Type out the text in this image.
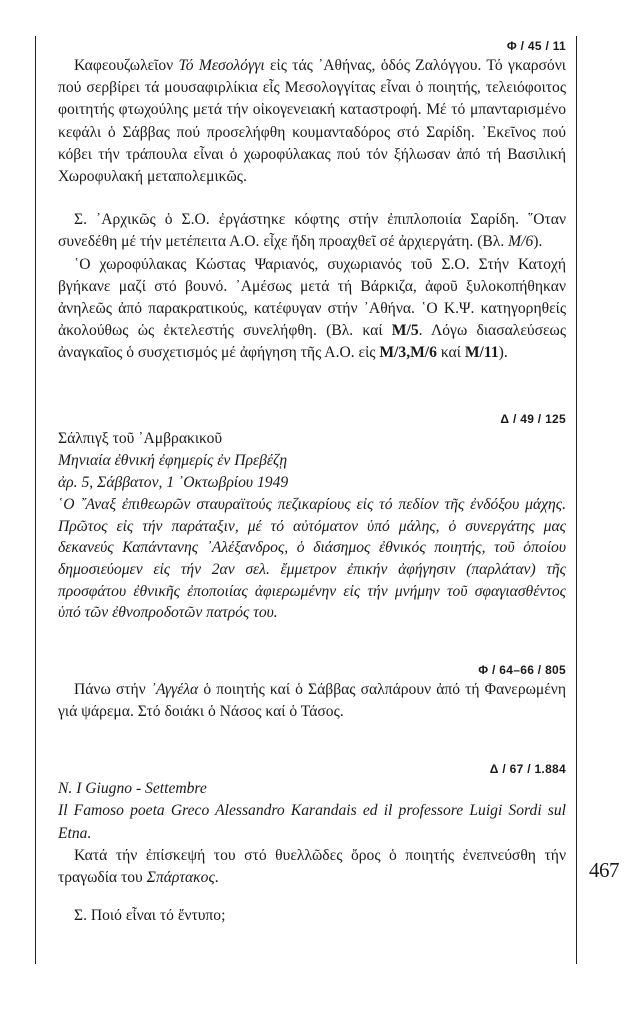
467
Φ / 45 / 11

Καφεουζωλεῖον Τό Μεσολόγγι εἰς τάς ᾿Αθήνας, ὁδός Ζαλόγγου. Τό γκαρσόνι πού σερβίρει τά μουσαφιρλίκια εἶς Μεσολογγίτας εἶναι ὁ ποιητής, τελειόφοιτος φοιτητής φτωχούλης μετά τήν οἰκογενειακή καταστροφή. Μέ τό μπανταρισμένο κεφάλι ὁ Σάββας πού προσελήφθη κουμανταδόρος στό Σαρίδη. ᾿Εκεῖνος πού κόβει τήν τράπουλα εἶναι ὁ χωροφύλακας πού τόν ξήλωσαν ἀπό τή Βασιλική Χωροφυλακή μεταπολεμικῶς.

Σ. ᾿Αρχικῶς ὁ Σ.Ο. ἐργάστηκε κόφτης στήν ἐπιπλοποιία Σαρίδη. ῞Οταν συνεδέθη μέ τήν μετέπειτα Α.Ο. εἶχε ἤδη προαχθεῖ σέ ἀρχιεργάτη. (Βλ. Μ/6).

῾Ο χωροφύλακας Κώστας Ψαριανός, συχωριανός τοῦ Σ.Ο. Στήν Κατοχή βγήκανε μαζί στό βουνό. ᾿Αμέσως μετά τή Βάρκιζα, ἀφοῦ ξυλοκοπήθηκαν ἀνηλεῶς ἀπό παρακρατικούς, κατέφυγαν στήν ᾿Αθήνα. ῾Ο Κ.Ψ. κατηγορηθείς ἀκολούθως ὡς ἐκτελεστής συνελήφθη. (Βλ. καί Μ/5. Λόγω διασαλεύσεως ἀναγκαῖος ὁ συσχετισμός μέ ἀφήγηση τῆς Α.Ο. εἰς Μ/3,Μ/6 καί Μ/11).

Δ / 49 / 125

Σάλπιγξ τοῦ ᾿Αμβρακικοῦ

Μηνιαία ἐθνική ἐφημερίς ἐν Πρεβέζῃ

ἀρ. 5, Σάββατον, 1 ᾿Οκτωβρίου 1949

῾Ο ῎Αναξ ἐπιθεωρῶν σταυραϊτούς πεζικαρίους εἰς τό πεδίον τῆς ἐνδόξου μάχης. Πρῶτος εἰς τήν παράταξιν, μέ τό αὐτόματον ὑπό μάλης, ὁ συνεργάτης μας δεκανεύς Καπάντανης ᾿Αλέξανδρος, ὁ διάσημος ἐθνικός ποιητής, τοῦ ὁποίου δημοσιεύομεν εἰς τήν 2αν σελ. ἔμμετρον ἐπικήν ἀφήγησιν (παρλάταν) τῆς προσφάτου ἐθνικῆς ἐποποιίας ἀφιερωμένην εἰς τήν μνήμην τοῦ σφαγιασθέντος ὑπό τῶν ἐθνοπροδοτῶν πατρός του.

Φ / 64–66 / 805

Πάνω στήν ᾿Αγγέλα ὁ ποιητής καί ὁ Σάββας σαλπάρουν ἀπό τή Φανερωμένη γιά ψάρεμα. Στό δοιάκι ὁ Νάσος καί ὁ Τάσος.

Δ / 67 / 1.884

N. I Giugno - Settembre

Il Famoso poeta Greco Alessandro Karandais ed il professore Luigi Sordi sul Etna.

Κατά τήν ἐπίσκεψή του στό θυελλῶδες ὄρος ὁ ποιητής ἐνεπνεύσθη τήν τραγωδία του Σπάρτακος.

Σ. Ποιό εἶναι τό ἔντυπο;
